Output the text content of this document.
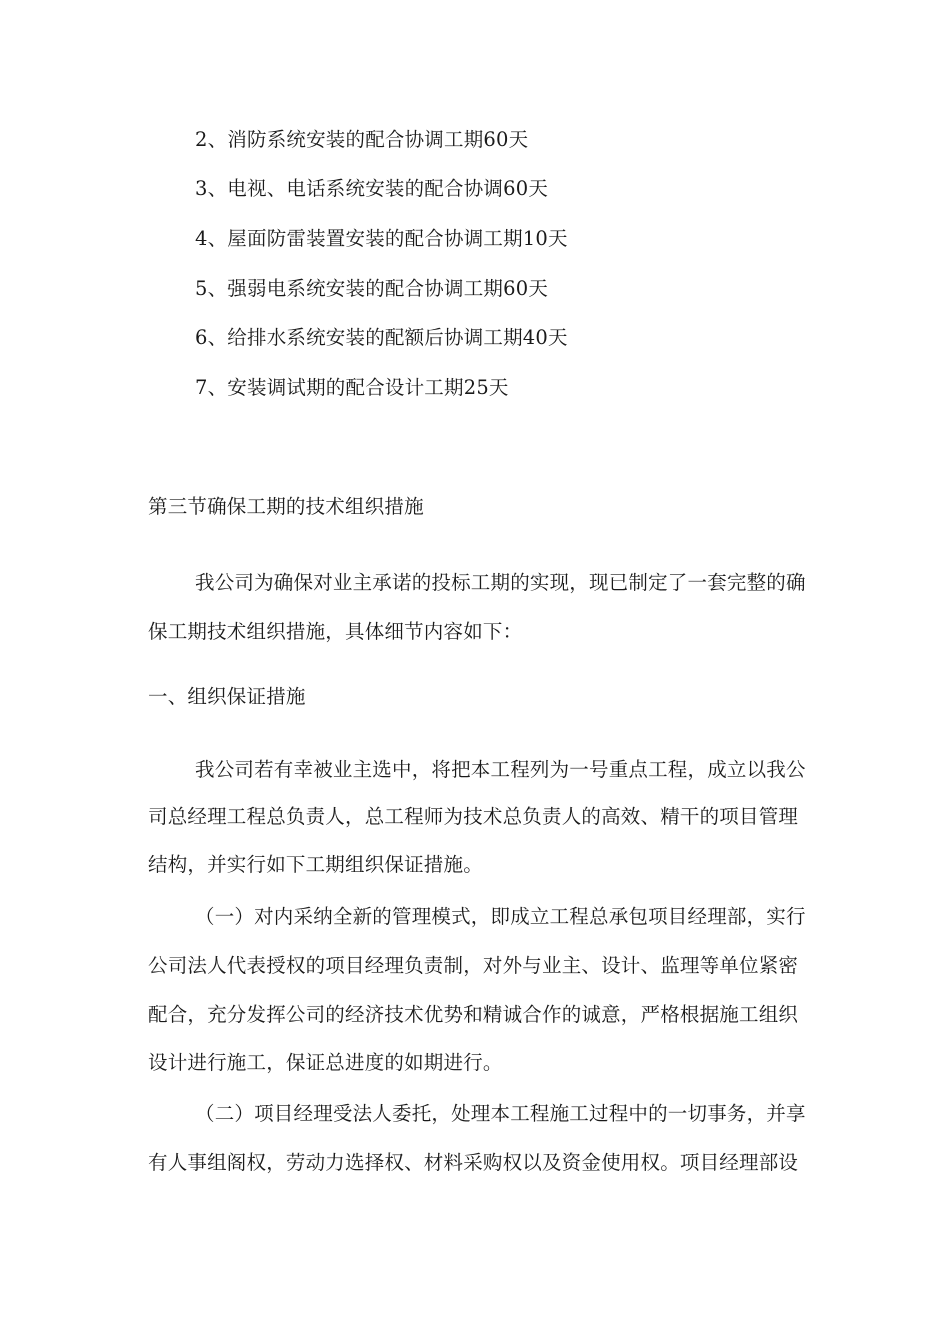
2、消防系统安装的配合协调工期60天
3、电视、电话系统安装的配合协调60天
4、屋面防雷装置安装的配合协调工期10天
5、强弱电系统安装的配合协调工期60天
6、给排水系统安装的配额后协调工期40天
7、安装调试期的配合设计工期25天
第三节确保工期的技术组织措施
我公司为确保对业主承诺的投标工期的实现，现已制定了一套完整的确
保工期技术组织措施，具体细节内容如下：
一、组织保证措施
我公司若有幸被业主选中，将把本工程列为一号重点工程，成立以我公
司总经理工程总负责人，总工程师为技术总负责人的高效、精干的项目管理
结构，并实行如下工期组织保证措施。
（一）对内采纳全新的管理模式，即成立工程总承包项目经理部，实行
公司法人代表授权的项目经理负责制，对外与业主、设计、监理等单位紧密
配合，充分发挥公司的经济技术优势和精诚合作的诚意，严格根据施工组织
设计进行施工，保证总进度的如期进行。
（二）项目经理受法人委托，处理本工程施工过程中的一切事务，并享
有人事组阁权，劳动力选择权、材料采购权以及资金使用权。项目经理部设
